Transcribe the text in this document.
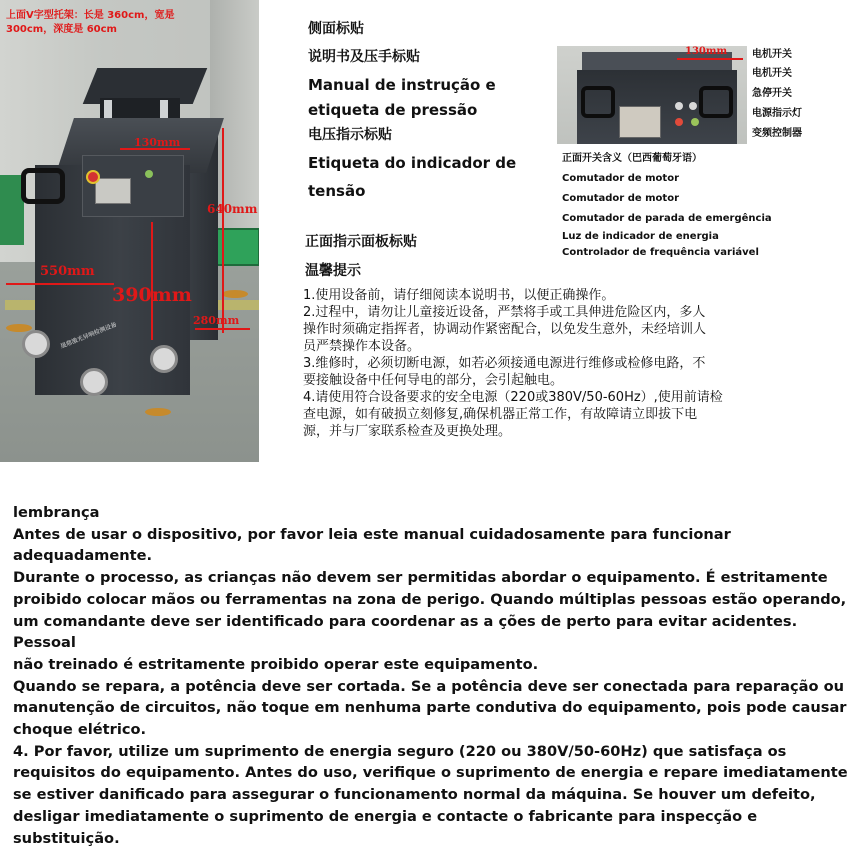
晟鼎激光异响检测设备
上面V字型托架：长是 360cm，宽是 300cm，深度是 60cm
130mm
640mm
550mm
390mm
280mm
侧面标贴
说明书及压手标贴
Manual de instrução e
etiqueta de pressão
电压指示标贴
Etiqueta do indicador de
tensão
正面指示面板标贴
温馨提示
130mm 电机开关
电机开关
急停开关
电源指示灯
变频控制器
正面开关含义（巴西葡萄牙语）
Comutador de motor
Comutador de motor
Comutador de parada de emergência
Luz de indicador de energia
Controlador de frequência variável

1.使用设备前，请仔细阅读本说明书，以便正确操作。

2.过程中，请勿让儿童接近设备，严禁将手或工具伸进危险区内，多人

操作时须确定指挥者，协调动作紧密配合，以免发生意外，未经培训人

员严禁操作本设备。

3.维修时，必须切断电源，如若必须接通电源进行维修或检修电路，不

要接触设备中任何导电的部分，会引起触电。

4.请使用符合设备要求的安全电源（220或380V/50-60Hz）,使用前请检

查电源，如有破损立刻修复,确保机器正常工作，有故障请立即拔下电

源，并与厂家联系检查及更换处理。

lembrança

Antes de usar o dispositivo, por favor leia este manual cuidadosamente para funcionar

adequadamente.

Durante o processo, as crianças não devem ser permitidas abordar o equipamento. É estritamente

proibido colocar mãos ou ferramentas na zona de perigo. Quando múltiplas pessoas estão operando,

um comandante deve ser identificado para coordenar as a ções de perto para evitar acidentes. Pessoal

não treinado é estritamente proibido operar este equipamento.

Quando se repara, a potência deve ser cortada. Se a potência deve ser conectada para reparação ou

manutenção de circuitos, não toque em nenhuma parte condutiva do equipamento, pois pode causar

choque elétrico.

4. Por favor, utilize um suprimento de energia seguro (220 ou 380V/50-60Hz) que satisfaça os

requisitos do equipamento. Antes do uso, verifique o suprimento de energia e repare imediatamente

se estiver danificado para assegurar o funcionamento normal da máquina. Se houver um defeito,

desligar imediatamente o suprimento de energia e contacte o fabricante para inspecção e substituição.
